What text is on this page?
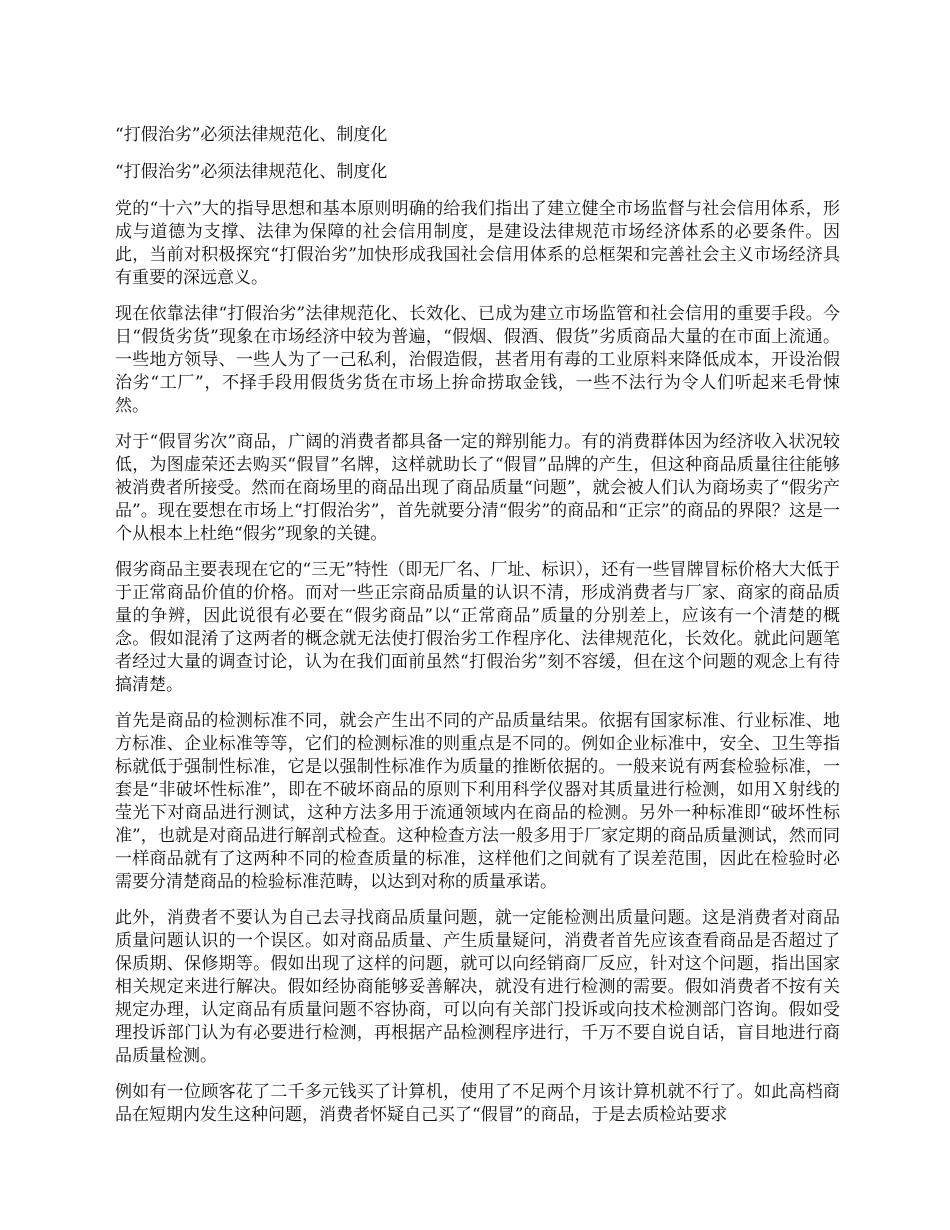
“打假治劣”必须法律规范化、制度化
“打假治劣”必须法律规范化、制度化

党的“十六”大的指导思想和基本原则明确的给我们指出了建立健全市场监督与社会信用体系，形成与道德为支撑、法律为保障的社会信用制度，是建设法律规范市场经济体系的必要条件。因此，当前对积极探究“打假治劣”加快形成我国社会信用体系的总框架和完善社会主义市场经济具有重要的深远意义。

现在依靠法律“打假治劣”法律规范化、长效化、已成为建立市场监管和社会信用的重要手段。今日“假货劣货”现象在市场经济中较为普遍，“假烟、假酒、假货”劣质商品大量的在市面上流通。一些地方领导、一些人为了一己私利，治假造假，甚者用有毒的工业原料来降低成本，开设治假治劣“工厂”，不择手段用假货劣货在市场上拚命捞取金钱，一些不法行为令人们听起来毛骨悚然。

对于“假冒劣次”商品，广阔的消费者都具备一定的辩别能力。有的消费群体因为经济收入状况较低，为图虚荣还去购买“假冒”名牌，这样就助长了“假冒”品牌的产生，但这种商品质量往往能够被消费者所接受。然而在商场里的商品出现了商品质量“问题”，就会被人们认为商场卖了“假劣产品”。现在要想在市场上“打假治劣”，首先就要分清“假劣”的商品和“正宗”的商品的界限？这是一个从根本上杜绝“假劣”现象的关键。

假劣商品主要表现在它的“三无”特性（即无厂名、厂址、标识），还有一些冒牌冒标价格大大低于于正常商品价值的价格。而对一些正宗商品质量的认识不清，形成消费者与厂家、商家的商品质量的争辨，因此说很有必要在“假劣商品”以“正常商品”质量的分别差上，应该有一个清楚的概念。假如混淆了这两者的概念就无法使打假治劣工作程序化、法律规范化，长效化。就此问题笔者经过大量的调查讨论，认为在我们面前虽然“打假治劣”刻不容缓，但在这个问题的观念上有待搞清楚。

首先是商品的检测标准不同，就会产生出不同的产品质量结果。依据有国家标准、行业标准、地方标准、企业标准等等，它们的检测标准的则重点是不同的。例如企业标准中，安全、卫生等指标就低于强制性标准，它是以强制性标准作为质量的推断依据的。一般来说有两套检验标准，一套是“非破坏性标准”，即在不破坏商品的原则下利用科学仪器对其质量进行检测，如用Ｘ射线的莹光下对商品进行测试，这种方法多用于流通领域内在商品的检测。另外一种标准即“破坏性标准”，也就是对商品进行解剖式检查。这种检查方法一般多用于厂家定期的商品质量测试，然而同一样商品就有了这两种不同的检查质量的标准，这样他们之间就有了误差范围，因此在检验时必需要分清楚商品的检验标准范畴，以达到对称的质量承诺。

此外，消费者不要认为自己去寻找商品质量问题，就一定能检测出质量问题。这是消费者对商品质量问题认识的一个误区。如对商品质量、产生质量疑问，消费者首先应该查看商品是否超过了保质期、保修期等。假如出现了这样的问题，就可以向经销商厂反应，针对这个问题，指出国家相关规定来进行解决。假如经协商能够妥善解决，就没有进行检测的需要。假如消费者不按有关规定办理，认定商品有质量问题不容协商，可以向有关部门投诉或向技术检测部门咨询。假如受理投诉部门认为有必要进行检测，再根据产品检测程序进行，千万不要自说自话，盲目地进行商品质量检测。

例如有一位顾客花了二千多元钱买了计算机，使用了不足两个月该计算机就不行了。如此高档商品在短期内发生这种问题，消费者怀疑自己买了“假冒”的商品，于是去质检站要求
